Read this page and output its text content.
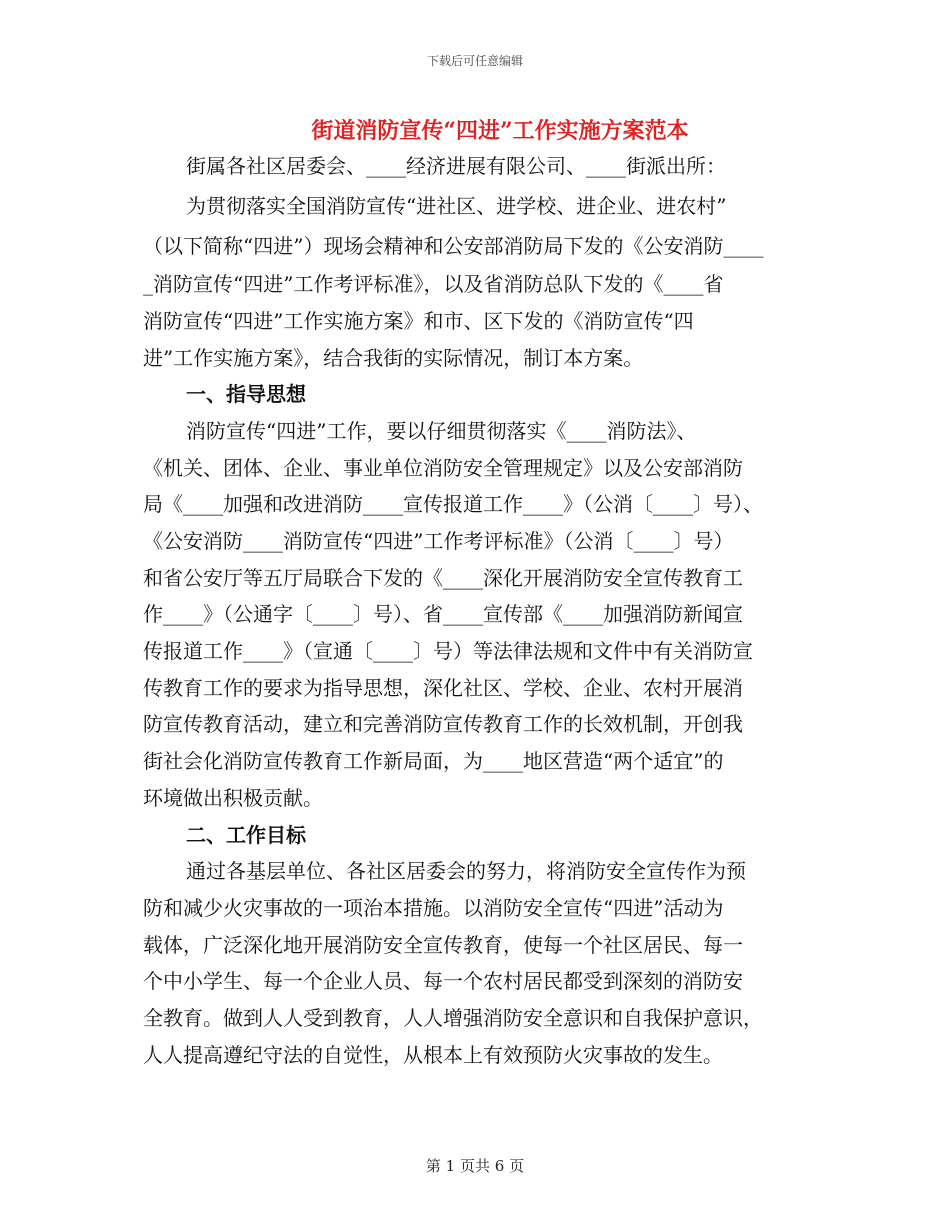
下载后可任意编辑
街道消防宣传“四进”工作实施方案范本
街属各社区居委会、____经济进展有限公司、____街派出所：
为贯彻落实全国消防宣传“进社区、进学校、进企业、进农村”
（以下简称“四进”）现场会精神和公安部消防局下发的《公安消防____
_消防宣传“四进”工作考评标准》，以及省消防总队下发的《____省
消防宣传“四进”工作实施方案》和市、区下发的《消防宣传“四
进”工作实施方案》，结合我街的实际情况，制订本方案。
一、指导思想
消防宣传“四进”工作，要以仔细贯彻落实《____消防法》、
《机关、团体、企业、事业单位消防安全管理规定》以及公安部消防
局《____加强和改进消防____宣传报道工作____》（公消〔____〕号）、
《公安消防____消防宣传“四进”工作考评标准》（公消〔____〕号）
和省公安厅等五厅局联合下发的《____深化开展消防安全宣传教育工
作____》（公通字〔____〕号）、省____宣传部《____加强消防新闻宣
传报道工作____》（宣通〔____〕号）等法律法规和文件中有关消防宣
传教育工作的要求为指导思想，深化社区、学校、企业、农村开展消
防宣传教育活动，建立和完善消防宣传教育工作的长效机制，开创我
街社会化消防宣传教育工作新局面，为____地区营造“两个适宜”的
环境做出积极贡献。
二、工作目标
通过各基层单位、各社区居委会的努力，将消防安全宣传作为预
防和减少火灾事故的一项治本措施。以消防安全宣传“四进”活动为
载体，广泛深化地开展消防安全宣传教育，使每一个社区居民、每一
个中小学生、每一个企业人员、每一个农村居民都受到深刻的消防安
全教育。做到人人受到教育，人人增强消防安全意识和自我保护意识，
人人提高遵纪守法的自觉性，从根本上有效预防火灾事故的发生。
第 1 页共 6 页
